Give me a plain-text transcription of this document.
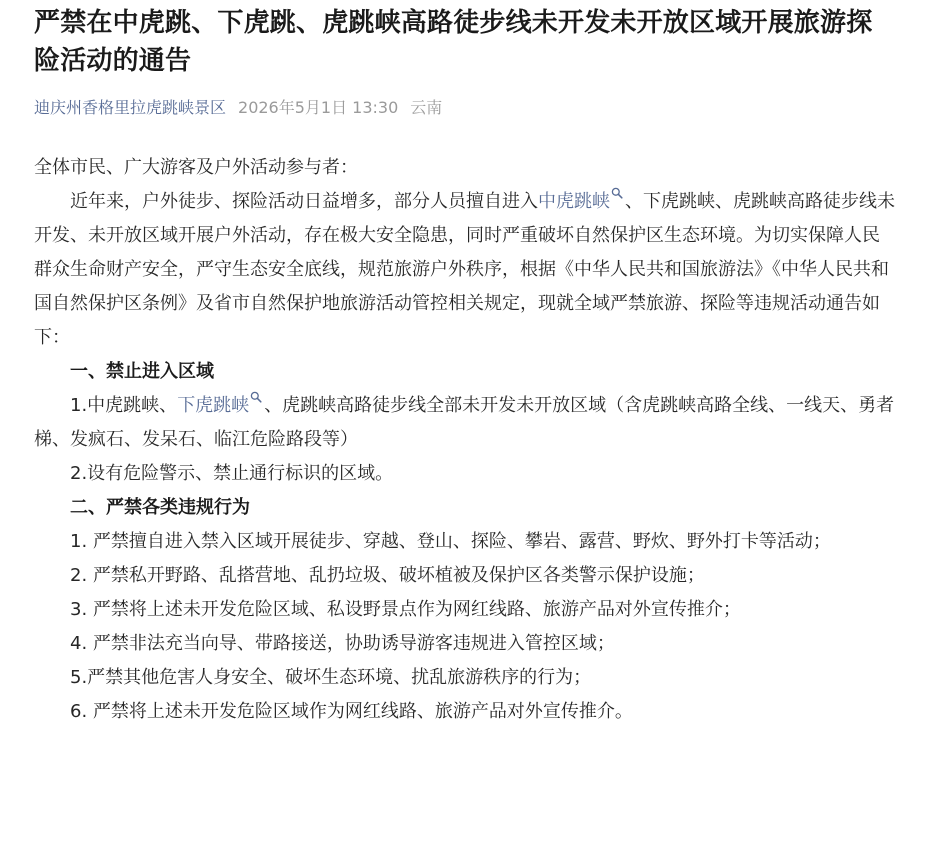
严禁在中虎跳、下虎跳、虎跳峡高路徒步线未开发未开放区域开展旅游探险活动的通告
迪庆州香格里拉虎跳峡景区 2026年5月1日 13:30 云南

全体市民、广大游客及户外活动参与者：

近年来，户外徒步、探险活动日益增多，部分人员擅自进入中虎跳峡 、下虎跳峡、虎跳峡高路徒步线未开发、未开放区域开展户外活动，存在极大安全隐患，同时严重破坏自然保护区生态环境。为切实保障人民群众生命财产安全，严守生态安全底线，规范旅游户外秩序，根据《中华人民共和国旅游法》《中华人民共和国自然保护区条例》及省市自然保护地旅游活动管控相关规定，现就全域严禁旅游、探险等违规活动通告如下：

一、禁止进入区域

1.中虎跳峡、下虎跳峡 、虎跳峡高路徒步线全部未开发未开放区域（含虎跳峡高路全线、一线天、勇者梯、发疯石、发呆石、临江危险路段等）

2.设有危险警示、禁止通行标识的区域。

二、严禁各类违规行为

1. 严禁擅自进入禁入区域开展徒步、穿越、登山、探险、攀岩、露营、野炊、野外打卡等活动；

2. 严禁私开野路、乱搭营地、乱扔垃圾、破坏植被及保护区各类警示保护设施；

3. 严禁将上述未开发危险区域、私设野景点作为网红线路、旅游产品对外宣传推介；

4. 严禁非法充当向导、带路接送，协助诱导游客违规进入管控区域；

5.严禁其他危害人身安全、破坏生态环境、扰乱旅游秩序的行为；

6. 严禁将上述未开发危险区域作为网红线路、旅游产品对外宣传推介。
